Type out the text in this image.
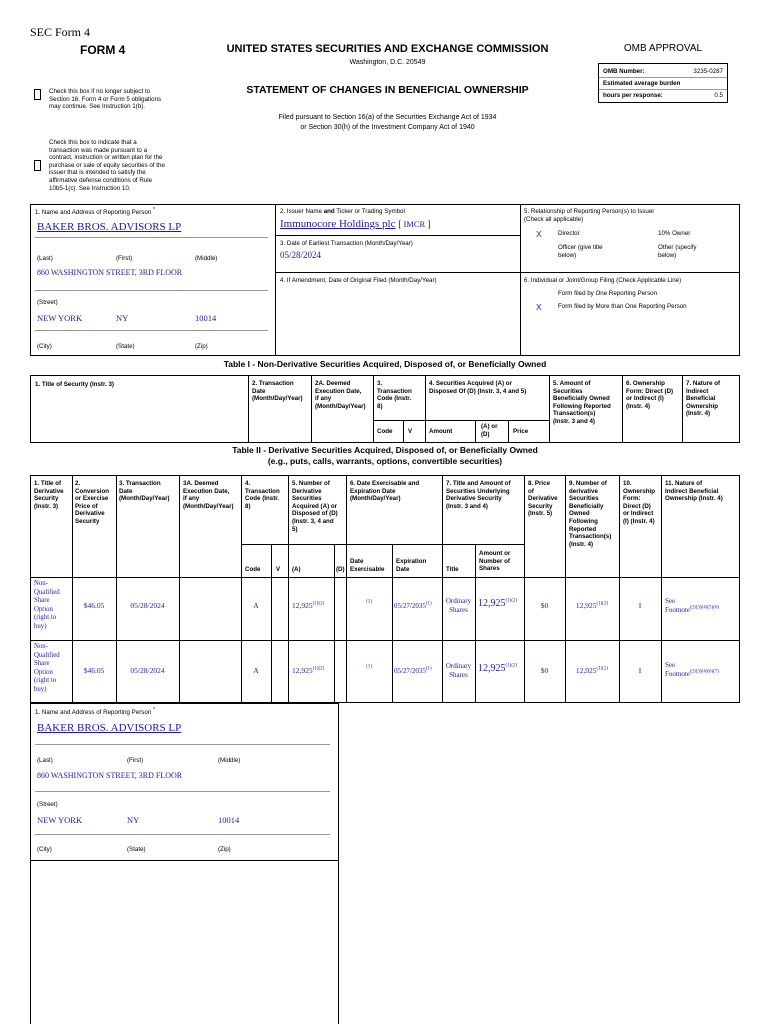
SEC Form 4
FORM 4	UNITED STATES SECURITIES AND EXCHANGE COMMISSION
Washington, D.C. 20549
STATEMENT OF CHANGES IN BENEFICIAL OWNERSHIP
Filed pursuant to Section 16(a) of the Securities Exchange Act of 1934
or Section 30(h) of the Investment Company Act of 1940
OMB APPROVAL
OMB Number:	3235-0287
Estimated average burden
hours per response:	0.5
Check this box if no longer subject to
Section 16. Form 4 or Form 5 obligations
may continue. See Instruction 1(b).
Check this box to indicate that a
transaction was made pursuant to a
contract, instruction or written plan for the
purchase or sale of equity securities of the
issuer that is intended to satisfy the
affirmative defense conditions of Rule
10b5-1(c). See Instruction 10.
1. Name and Address of Reporting Person *
BAKER BROS. ADVISORS LP
(Last)	(First)	(Middle)
860 WASHINGTON STREET, 3RD FLOOR
(Street)
NEW YORK	NY	10014
(City)	(State)	(Zip)
2. Issuer Name and Ticker or Trading Symbol
Immunocore Holdings plc [ IMCR ]
3. Date of Earliest Transaction (Month/Day/Year)
05/28/2024
4. If Amendment, Date of Original Filed (Month/Day/Year)
5. Relationship of Reporting Person(s) to Issuer
(Check all applicable)
X	Director	10% Owner
Officer (give title
below)
Other (specify
below)
6. Individual or Joint/Group Filing (Check Applicable Line)
Form filed by One Reporting Person
X	Form filed by More than One Reporting Person
Table I - Non-Derivative Securities Acquired, Disposed of, or Beneficially Owned
1. Title of Security (Instr. 3)	2. Transaction
Date
(Month/Day/Year)
2A. Deemed
Execution Date,
if any
(Month/Day/Year)
3.
Transaction
Code (Instr.
8)
4. Securities Acquired (A) or
Disposed Of (D) (Instr. 3, 4 and 5)
5. Amount of
Securities
Beneficially Owned
Following Reported
Transaction(s)
(Instr. 3 and 4)
6. Ownership
Form: Direct (D)
or Indirect (I)
(Instr. 4)
7. Nature of
Indirect
Beneficial
Ownership
(Instr. 4)
Code	V	Amount
(A) or
(D)	Price
Table II - Derivative Securities Acquired, Disposed of, or Beneficially Owned
(e.g., puts, calls, warrants, options, convertible securities)
1. Title of
Derivative
Security
(Instr. 3)
2.
Conversion
or Exercise
Price of
Derivative
Security
3. Transaction
Date
(Month/Day/Year)
3A. Deemed
Execution Date,
if any
(Month/Day/Year)
4.
Transaction
Code (Instr.
8)
5. Number of
Derivative
Securities
Acquired (A) or
Disposed of (D)
(Instr. 3, 4 and
5)
6. Date Exercisable and
Expiration Date
(Month/Day/Year)
7. Title and Amount of
Securities Underlying
Derivative Security
(Instr. 3 and 4)
8. Price
of
Derivative
Security
(Instr. 5)
9. Number of
derivative
Securities
Beneficially
Owned
Following
Reported
Transaction(s)
(Instr. 4)
10.
Ownership
Form:
Direct (D)
or Indirect
(I) (Instr. 4)
11. Nature of
Indirect Beneficial
Ownership (Instr. 4)
Code	V (A)	(D)
Date
Exercisable
Expiration
Date	Title
Amount or
Number of
Shares
Non-
Qualified
Share
Option
(right to
buy)
$46.05	05/28/2024	A	$12,925^{(1)(2)}$	$^{(1)}$	05/27/2035$^{(1)}$	Ordinary
Shares
$12,925^{(1)(2)}$	$0	$12,925^{(1)(2)}$	I	See
Footnote$^{(2)(3)(4)(5)(6)}$
Non-
Qualified
Share
Option
(right to
buy)
$46.05	05/28/2024	A	$12,925^{(1)(2)}$	$^{(1)}$	05/27/2035$^{(1)}$	Ordinary
Shares
$12,925^{(1)(2)}$	$0	$12,925^{(1)(2)}$	I
See
Footnote$^{(2)(3)(4)(6)(7)}$
1. Name and Address of Reporting Person *
BAKER BROS. ADVISORS LP
(Last)	(First)	(Middle)
860 WASHINGTON STREET, 3RD FLOOR
(Street)
NEW YORK	NY	10014
(City)	(State)	(Zip)
